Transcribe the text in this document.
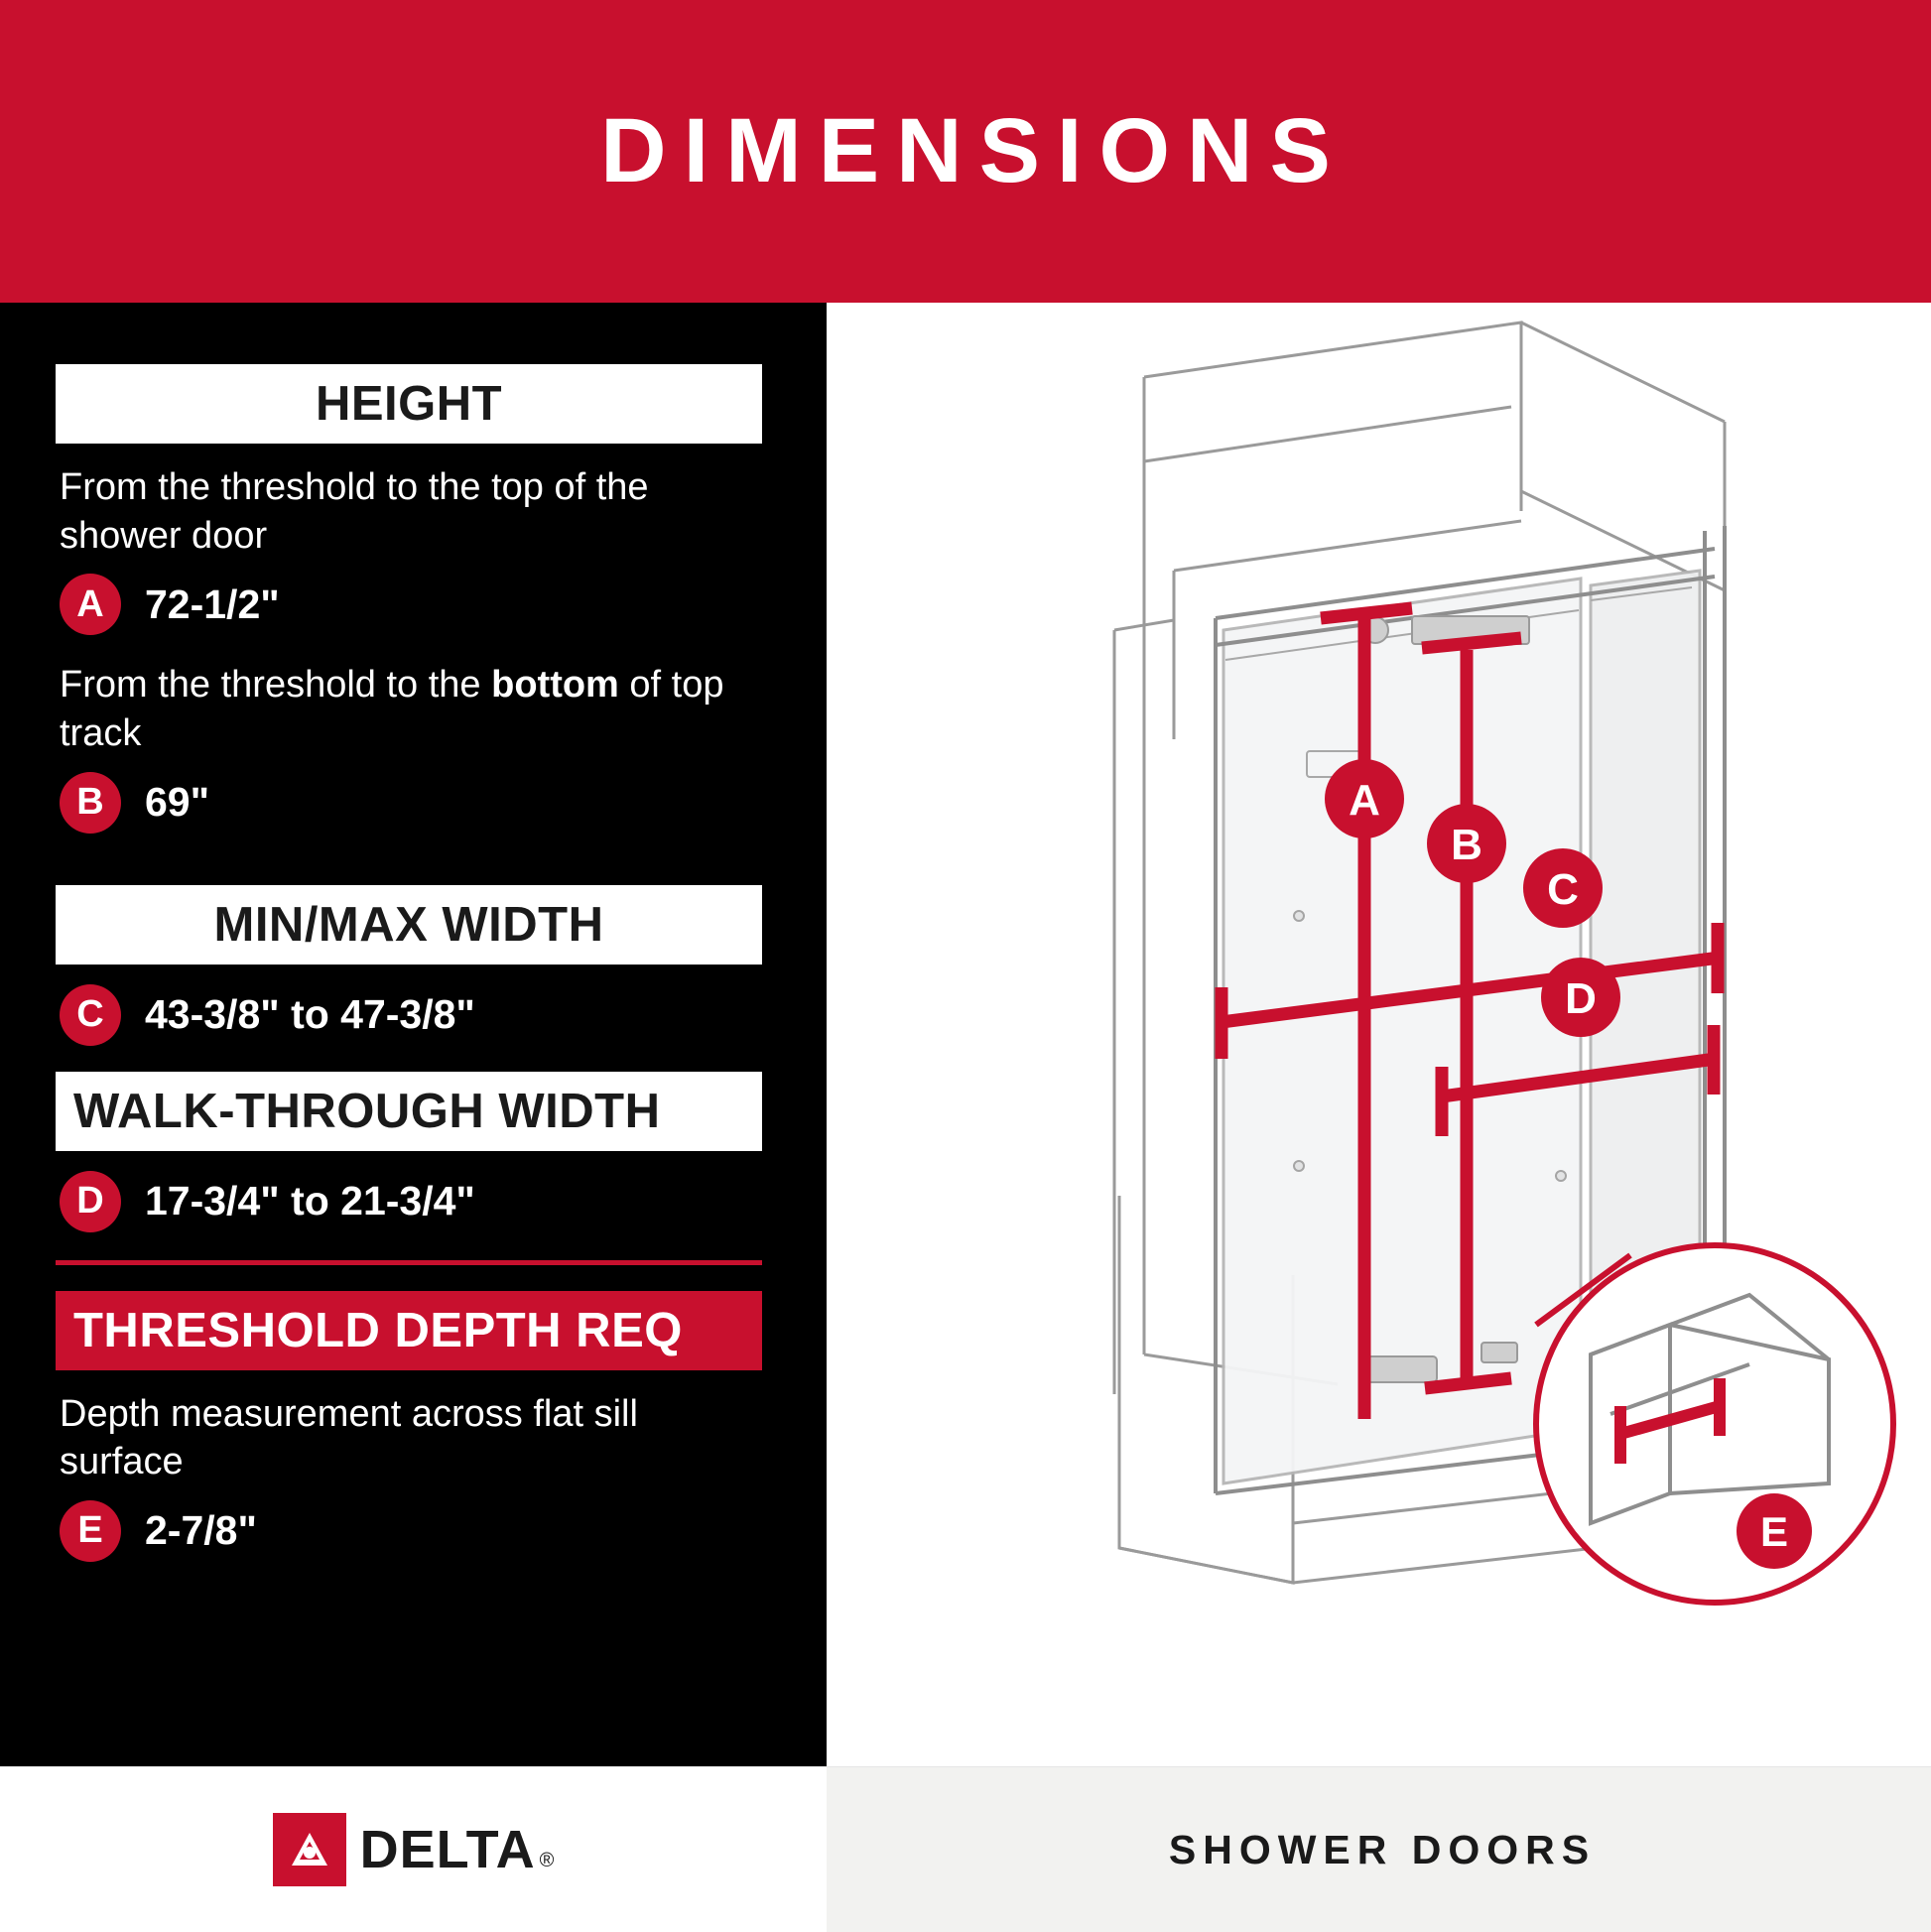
DIMENSIONS
HEIGHT
From the threshold to the top of the shower door
A	72-1/2"
From the threshold to the bottom of top track
B	69"
MIN/MAX WIDTH
C	43-3/8" to 47-3/8"
WALK-THROUGH WIDTH
D	17-3/4" to 21-3/4"
THRESHOLD DEPTH REQ
Depth measurement across flat sill surface
E	2-7/8"
A
B
C
D
E
DELTA ®	SHOWER DOORS
